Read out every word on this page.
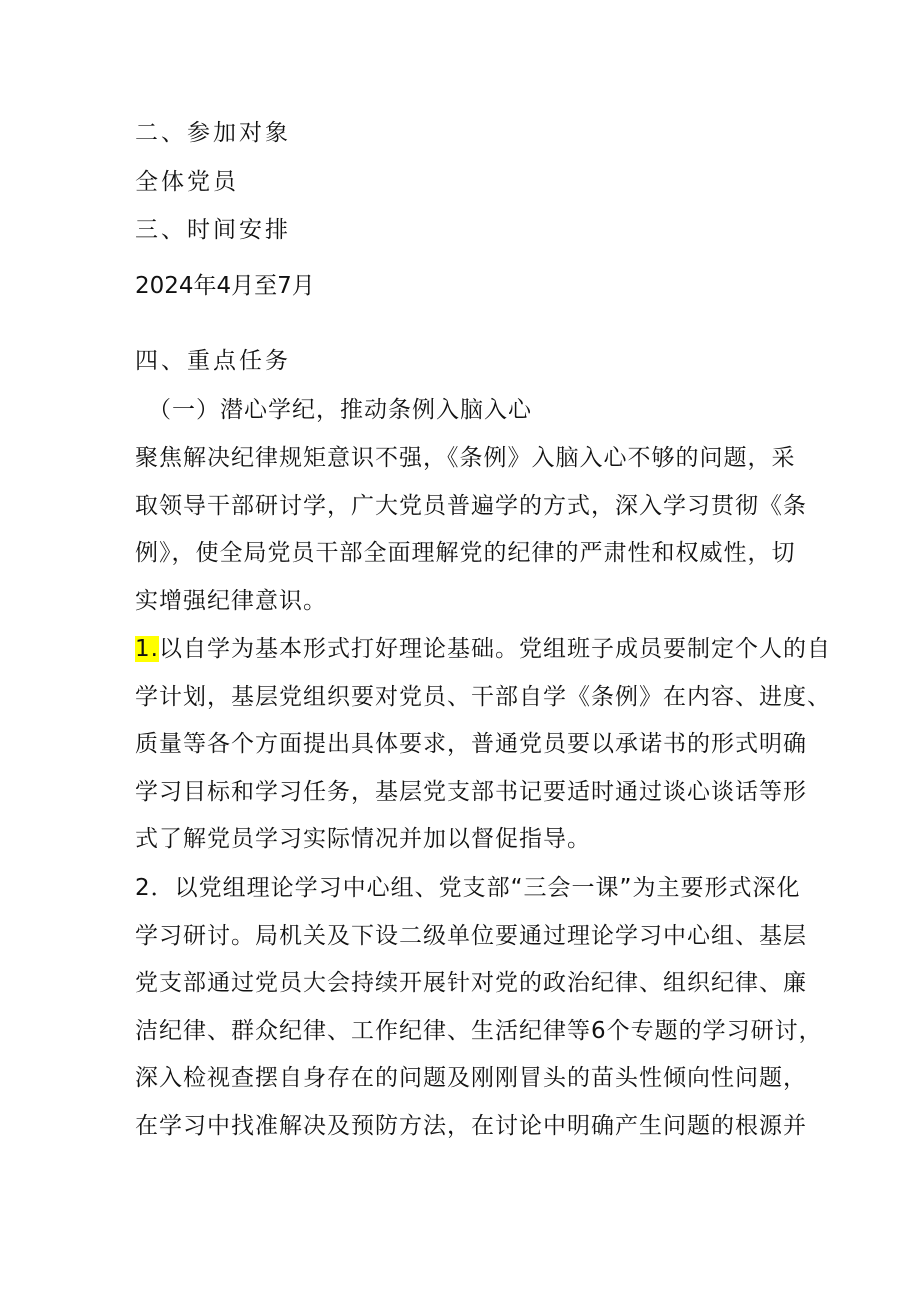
二、参加对象
全体党员
三、时间安排
2024年4月至7月
四、重点任务
（一）潜心学纪，推动条例入脑入心

聚焦解决纪律规矩意识不强，《条例》入脑入心不够的问题，采

取领导干部研讨学，广大党员普遍学的方式，深入学习贯彻《条

例》，使全局党员干部全面理解党的纪律的严肃性和权威性，切

实增强纪律意识。

1.以自学为基本形式打好理论基础。党组班子成员要制定个人的自

学计划，基层党组织要对党员、干部自学《条例》在内容、进度、

质量等各个方面提出具体要求，普通党员要以承诺书的形式明确

学习目标和学习任务，基层党支部书记要适时通过谈心谈话等形

式了解党员学习实际情况并加以督促指导。

2．以党组理论学习中心组、党支部“三会一课”为主要形式深化

学习研讨。局机关及下设二级单位要通过理论学习中心组、基层

党支部通过党员大会持续开展针对党的政治纪律、组织纪律、廉

洁纪律、群众纪律、工作纪律、生活纪律等6个专题的学习研讨，

深入检视查摆自身存在的问题及刚刚冒头的苗头性倾向性问题，

在学习中找准解决及预防方法，在讨论中明确产生问题的根源并
